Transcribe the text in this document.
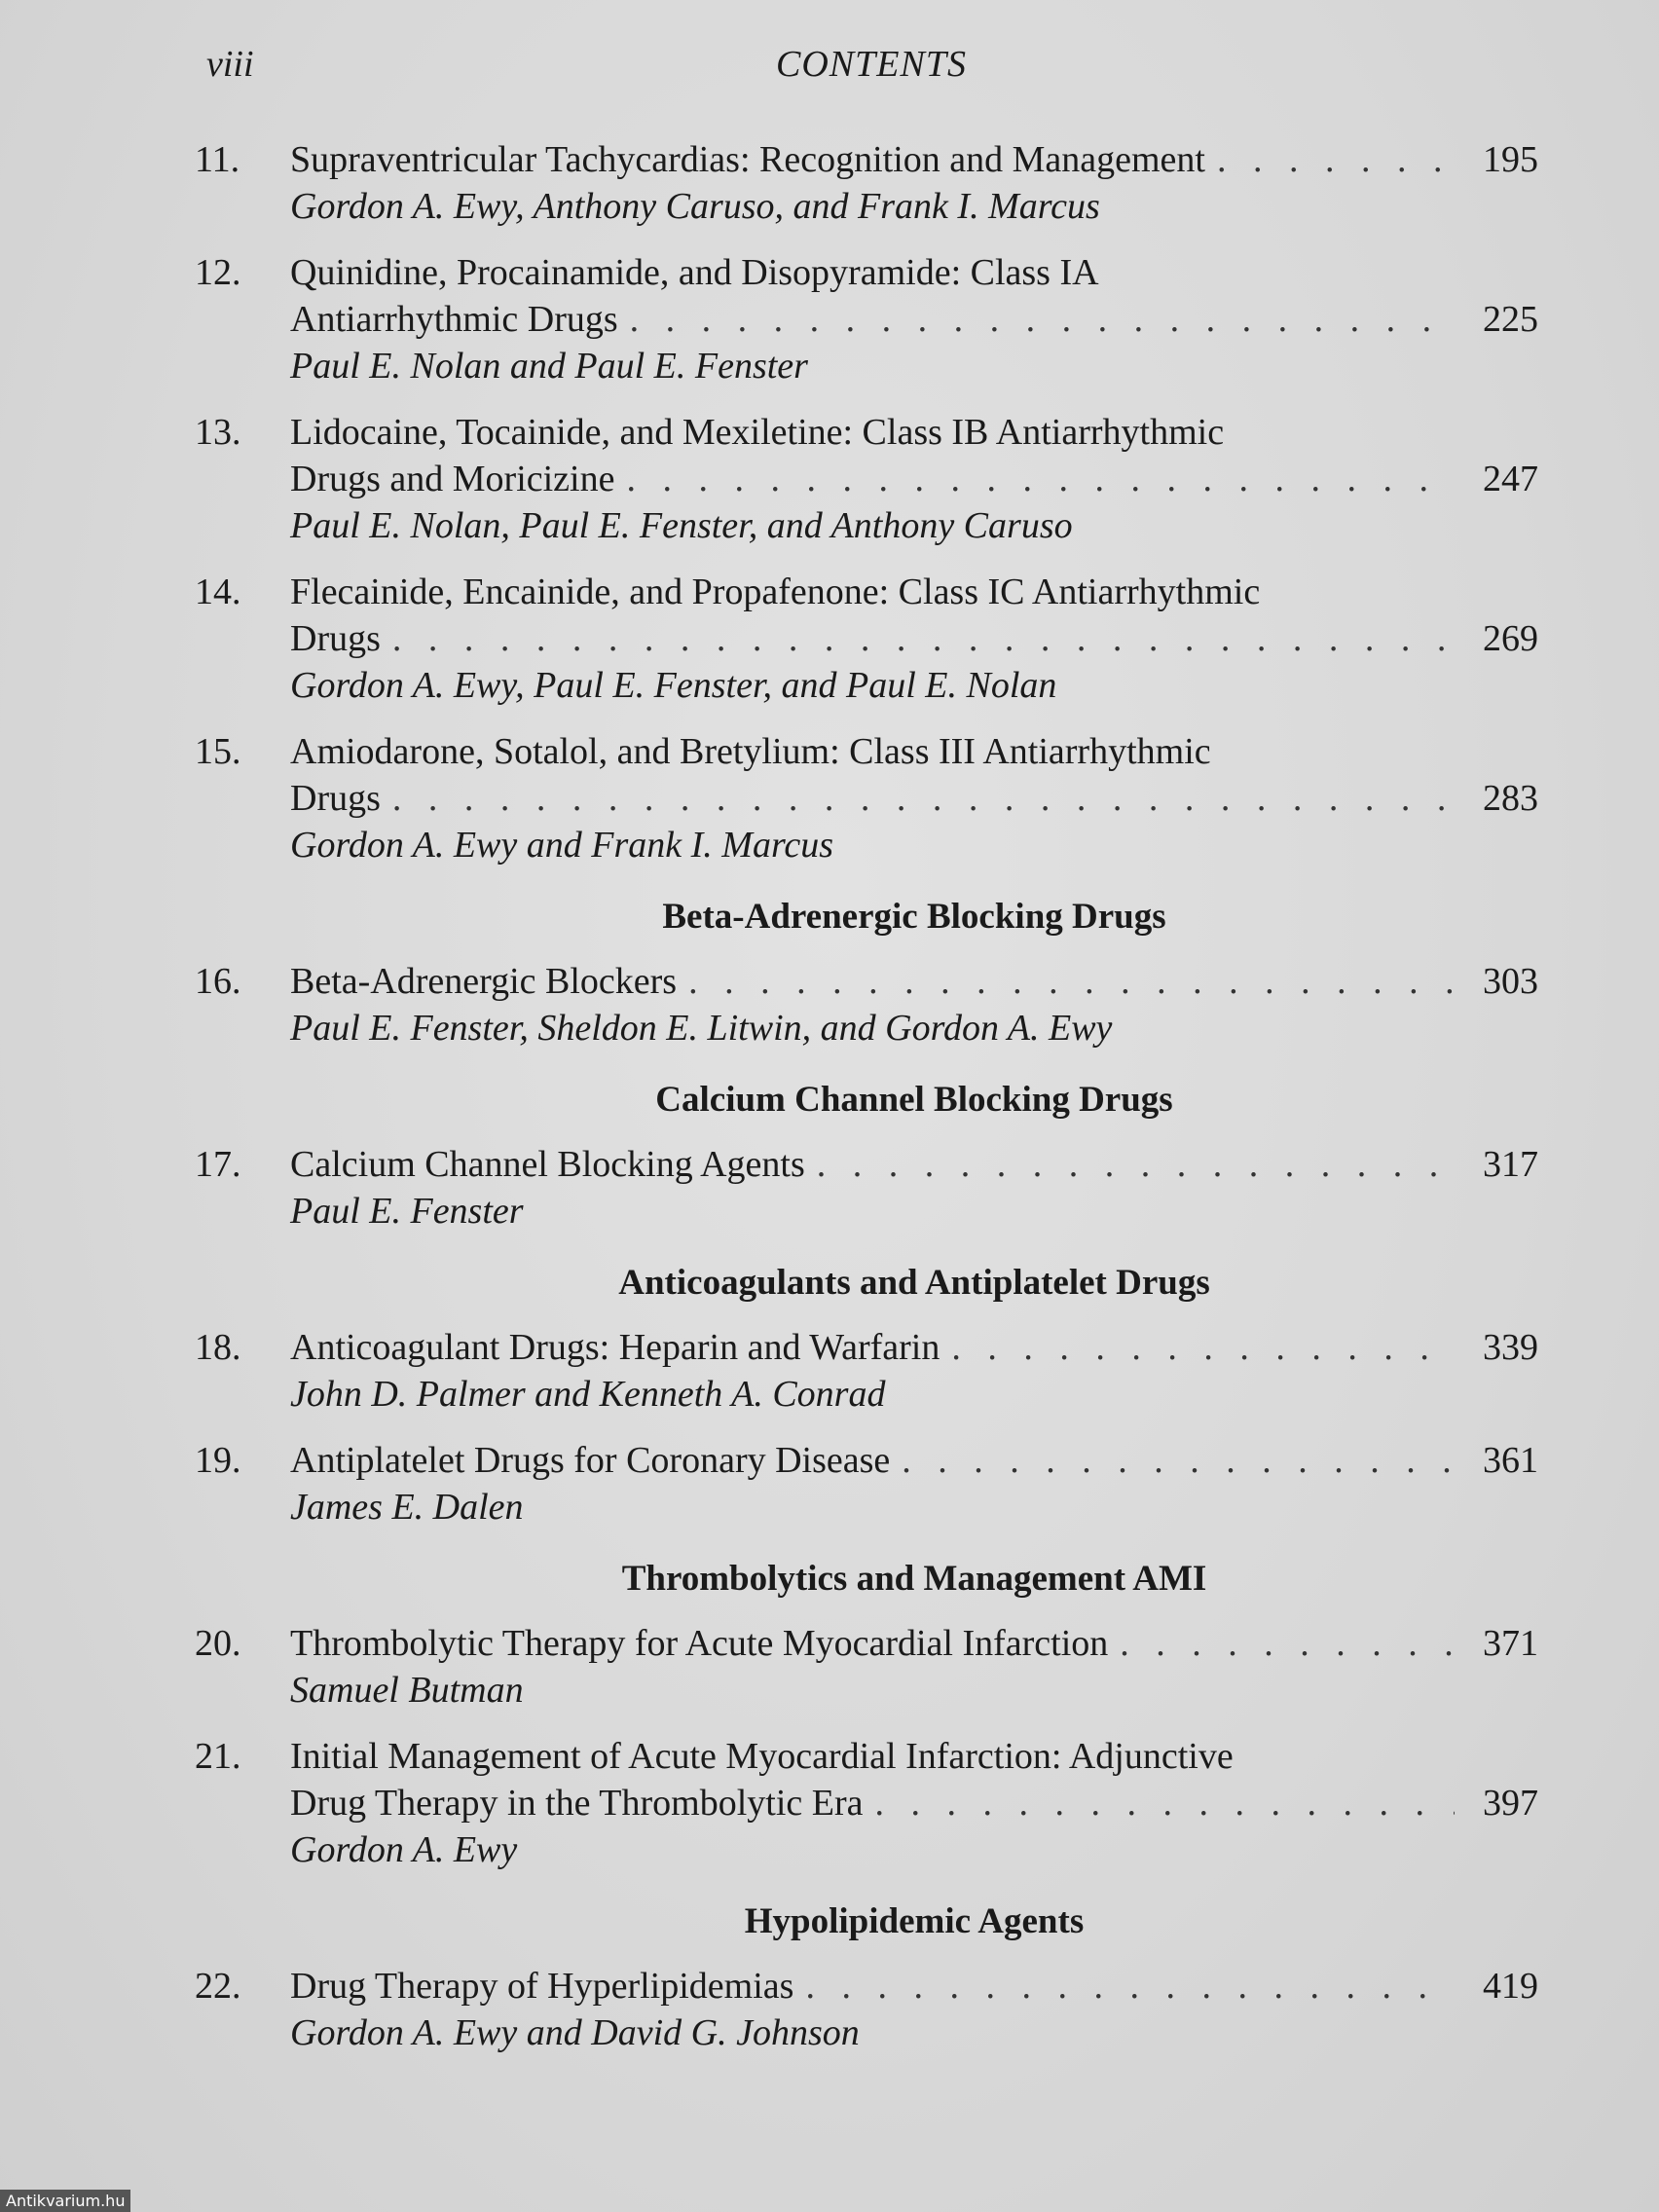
viii	CONTENTS
11. Supraventricular Tachycardias: Recognition and Management . . .	195
Gordon A. Ewy, Anthony Caruso, and Frank I. Marcus
12. Quinidine, Procainamide, and Disopyramide: Class IA
Antiarrhythmic Drugs . . .	225
Paul E. Nolan and Paul E. Fenster
13. Lidocaine, Tocainide, and Mexiletine: Class IB Antiarrhythmic
Drugs and Moricizine . . .	247
Paul E. Nolan, Paul E. Fenster, and Anthony Caruso
14. Flecainide, Encainide, and Propafenone: Class IC Antiarrhythmic
Drugs . . .	269
Gordon A. Ewy, Paul E. Fenster, and Paul E. Nolan
15. Amiodarone, Sotalol, and Bretylium: Class III Antiarrhythmic
Drugs . . .	283
Gordon A. Ewy and Frank I. Marcus
Beta-Adrenergic Blocking Drugs
16. Beta-Adrenergic Blockers . . .	303
Paul E. Fenster, Sheldon E. Litwin, and Gordon A. Ewy
Calcium Channel Blocking Drugs
17. Calcium Channel Blocking Agents . . .	317
Paul E. Fenster
Anticoagulants and Antiplatelet Drugs
18. Anticoagulant Drugs: Heparin and Warfarin . . .	339
John D. Palmer and Kenneth A. Conrad
19. Antiplatelet Drugs for Coronary Disease . . .	361
James E. Dalen
Thrombolytics and Management AMI
20. Thrombolytic Therapy for Acute Myocardial Infarction . . .	371
Samuel Butman
21. Initial Management of Acute Myocardial Infarction: Adjunctive
Drug Therapy in the Thrombolytic Era . . .	397
Gordon A. Ewy
Hypolipidemic Agents
22. Drug Therapy of Hyperlipidemias . . .	419
Gordon A. Ewy and David G. Johnson
Antikvarium.hu
